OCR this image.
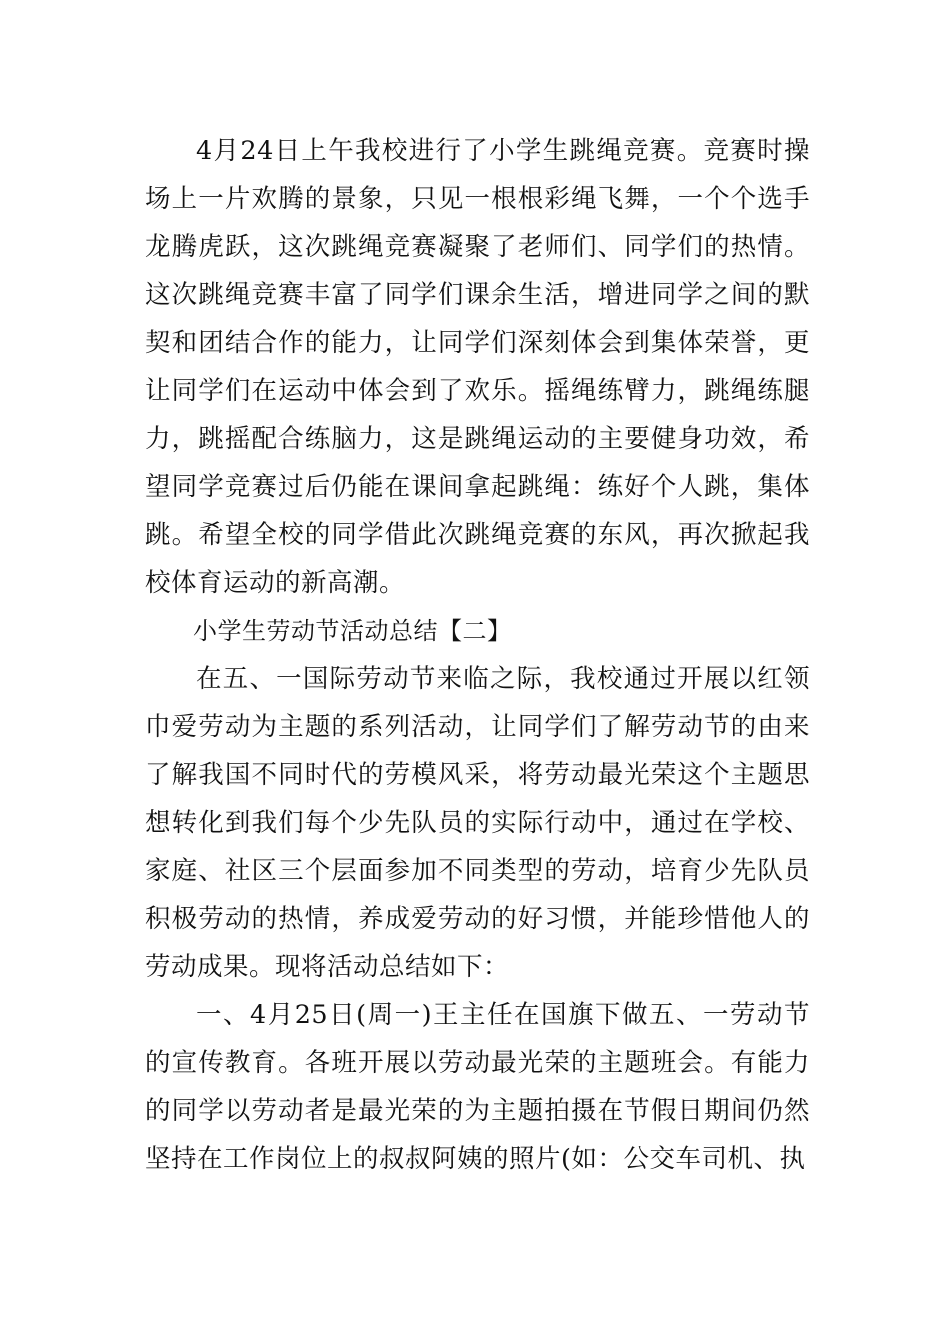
4月24日上午我校进行了小学生跳绳竞赛。竞赛时操场上一片欢腾的景象，只见一根根彩绳飞舞，一个个选手龙腾虎跃，这次跳绳竞赛凝聚了老师们、同学们的热情。这次跳绳竞赛丰富了同学们课余生活，增进同学之间的默契和团结合作的能力，让同学们深刻体会到集体荣誉，更让同学们在运动中体会到了欢乐。摇绳练臂力，跳绳练腿力，跳摇配合练脑力，这是跳绳运动的主要健身功效，希望同学竞赛过后仍能在课间拿起跳绳：练好个人跳，集体跳。希望全校的同学借此次跳绳竞赛的东风，再次掀起我校体育运动的新高潮。

小学生劳动节活动总结【二】

在五、一国际劳动节来临之际，我校通过开展以红领巾爱劳动为主题的系列活动，让同学们了解劳动节的由来了解我国不同时代的劳模风采，将劳动最光荣这个主题思想转化到我们每个少先队员的实际行动中，通过在学校、家庭、社区三个层面参加不同类型的劳动，培育少先队员积极劳动的热情，养成爱劳动的好习惯，并能珍惜他人的劳动成果。现将活动总结如下：

一、4月25日(周一)王主任在国旗下做五、一劳动节的宣传教育。各班开展以劳动最光荣的主题班会。有能力的同学以劳动者是最光荣的为主题拍摄在节假日期间仍然坚持在工作岗位上的叔叔阿姨的照片(如：公交车司机、执
